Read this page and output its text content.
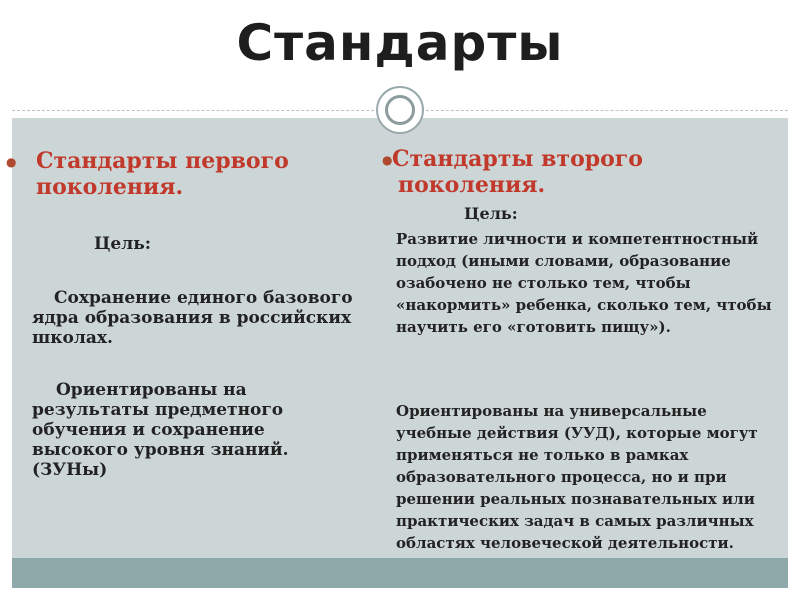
Стандарты
● Стандарты первого
поколения.

Цель:

Сохранение единого базового ядра образования в российских школах.

Ориентированы на результаты предметного обучения и сохранение высокого уровня знаний. (ЗУНы)

● Стандарты второго
поколения.

Цель:

Развитие личности и компетентностный подход (иными словами, образование озабочено не столько тем, чтобы «накормить» ребенка, сколько тем, чтобы научить его «готовить пищу»).

Ориентированы на универсальные учебные действия (УУД), которые могут применяться не только в рамках образовательного процесса, но и при решении реальных познавательных или практических задач в самых различных областях человеческой деятельности.
